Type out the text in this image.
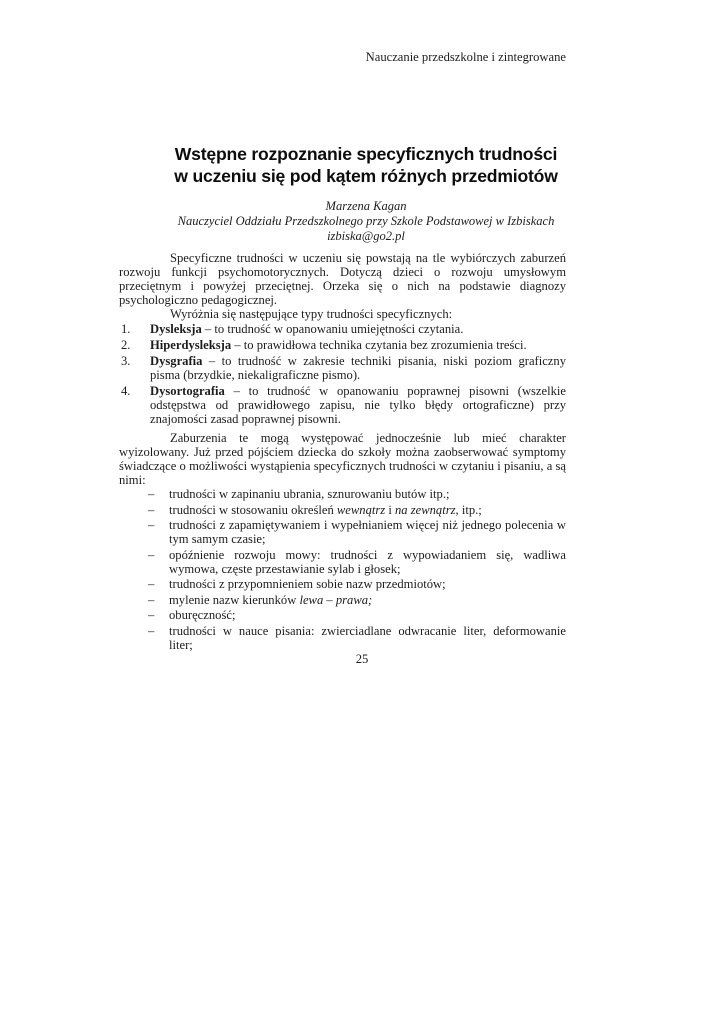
Nauczanie przedszkolne i zintegrowane
Wstępne rozpoznanie specyficznych trudności
w uczeniu się pod kątem różnych przedmiotów
Marzena Kagan
Nauczyciel Oddziału Przedszkolnego przy Szkole Podstawowej w Izbiskach
izbiska@go2.pl

Specyficzne trudności w uczeniu się powstają na tle wybiórczych zaburzeń rozwoju funkcji psychomotorycznych. Dotyczą dzieci o rozwoju umysłowym przeciętnym i powyżej przeciętnej. Orzeka się o nich na podstawie diagnozy psychologiczno pedagogicznej.

Wyróżnia się następujące typy trudności specyficznych:

1. Dysleksja – to trudność w opanowaniu umiejętności czytania.
2. Hiperdysleksja – to prawidłowa technika czytania bez zrozumienia treści.
3. Dysgrafia – to trudność w zakresie techniki pisania, niski poziom graficzny pisma (brzydkie, niekaligraficzne pismo).
4. Dysortografia – to trudność w opanowaniu poprawnej pisowni (wszelkie odstępstwa od prawidłowego zapisu, nie tylko błędy ortograficzne) przy znajomości zasad poprawnej pisowni.

Zaburzenia te mogą występować jednocześnie lub mieć charakter wyizolowany. Już przed pójściem dziecka do szkoły można zaobserwować symptomy świadczące o możliwości wystąpienia specyficznych trudności w czytaniu i pisaniu, a są nimi:

– trudności w zapinaniu ubrania, sznurowaniu butów itp.;
– trudności w stosowaniu określeń wewnątrz i na zewnątrz, itp.;
– trudności z zapamiętywaniem i wypełnianiem więcej niż jednego polecenia w tym samym czasie;
– opóźnienie rozwoju mowy: trudności z wypowiadaniem się, wadliwa wymowa, częste przestawianie sylab i głosek;
– trudności z przypomnieniem sobie nazw przedmiotów;
– mylenie nazw kierunków lewa – prawa;
– oburęczność;
– trudności w nauce pisania: zwierciadlane odwracanie liter, deformowanie liter;
25
